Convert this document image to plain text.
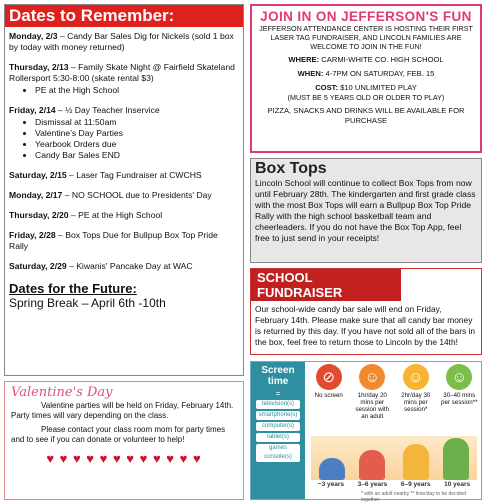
Dates to Remember:
Monday, 2/3 – Candy Bar Sales Dig for Nickels (sold 1 box by today with money returned)
Thursday, 2/13 – Family Skate Night @ Fairfield Skateland Rollersport 5:30-8:00 (skate rental $3)
• PE at the High School
Friday, 2/14 – ½ Day Teacher Inservice
• Dismissal at 11:50am
• Valentine's Day Parties
• Yearbook Orders due
• Candy Bar Sales END
Saturday, 2/15 – Laser Tag Fundraiser at CWCHS
Monday, 2/17 – NO SCHOOL due to Presidents' Day
Thursday, 2/20 – PE at the High School
Friday, 2/28 – Box Tops Due for Bullpup Box Top Pride Rally
Saturday, 2/29 – Kiwanis' Pancake Day at WAC
Dates for the Future:
Spring Break – April 6th -10th
Valentine's Day
Valentine parties will be held on Friday, February 14th. Party times will vary depending on the class.
Please contact your class room mom for party times and to see if you can donate or volunteer to help!
♥ ♥ ♥ ♥ ♥ ♥ ♥ ♥ ♥ ♥ ♥ ♥
JOIN IN ON JEFFERSON'S FUN
JEFFERSON ATTENDANCE CENTER IS HOSTING THEIR FIRST LASER TAG FUNDRAISER, AND LINCOLN FAMILIES ARE WELCOME TO JOIN IN THE FUN!
WHERE: CARMI-WHITE CO. HIGH SCHOOL
WHEN: 4-7PM ON SATURDAY, FEB. 15
COST: $10 UNLIMITED PLAY
(MUST BE 5 YEARS OLD OR OLDER TO PLAY)
PIZZA, SNACKS AND DRINKS WILL BE AVAILABLE FOR PURCHASE
Box Tops
Lincoln School will continue to collect Box Tops from now until February 28th. The kindergarten and first grade class with the most Box Tops will earn a Bullpup Box Top Pride Rally with the high school basketball team and cheerleaders. If you do not have the Box Top App, feel free to just send in your receipts!
SCHOOL FUNDRAISER
Our school-wide candy bar sale will end on Friday, February 14th. Please make sure that all candy bar money is returned by this day. If you have not sold all of the bars in the box, feel free to return those to Lincoln by the 14th!
Screen time
=
television(s)
smartphone(s)
computer(s)
tablet(s)
games console(s)
⊘
No screen
☺
1hr/day 20 mins per session with an adult
☺
2hr/day 30 mins per session*
☺
30–40 mins per session**
~3 years 3–6 years 6–9 years 10 years
* with an adult nearby ** time/day to be decided together
